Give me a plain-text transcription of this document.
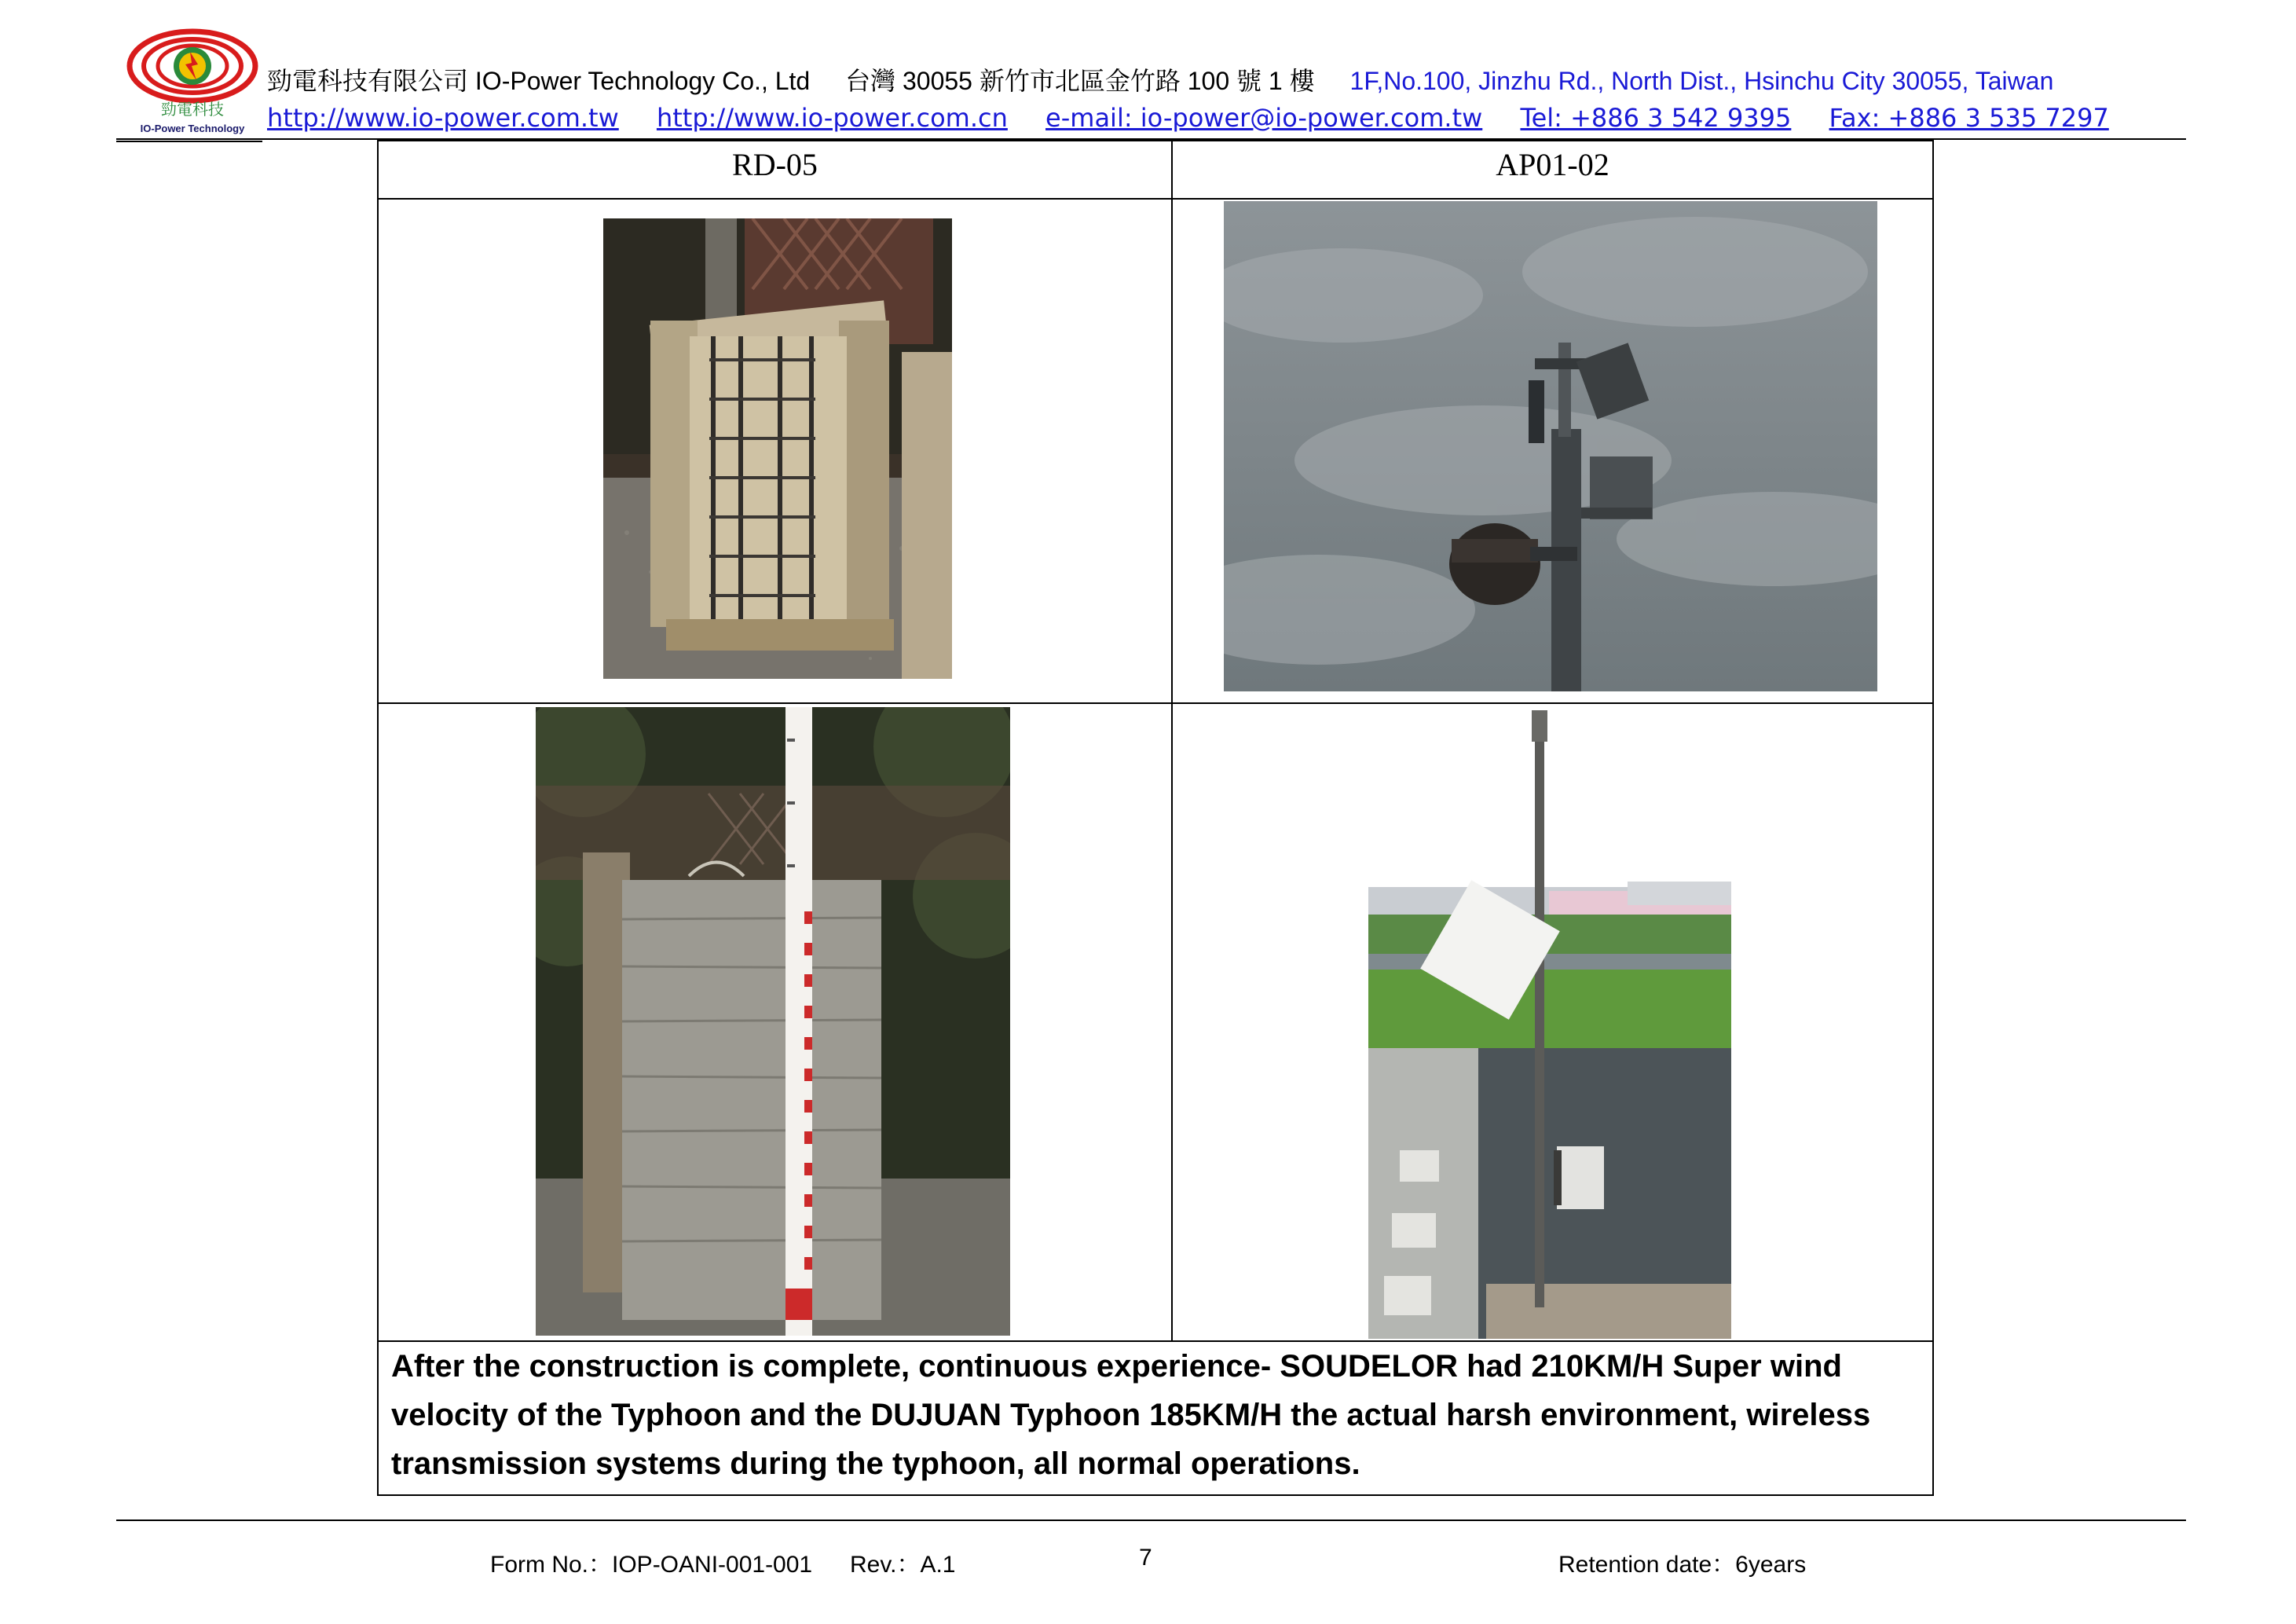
勁電科技
IO-Power Technology
勁電科技有限公司 IO-Power Technology Co., Ltd 台灣 30055 新竹市北區金竹路 100 號 1 樓 1F,No.100, Jinzhu Rd., North Dist., Hsinchu City 30055, Taiwan
http://www.io-power.com.tw http://www.io-power.com.cn e-mail: io-power@io-power.com.tw Tel: +886 3 542 9395 Fax: +886 3 535 7297
RD-05	AP01-02
After the construction is complete, continuous experience- SOUDELOR had 210KM/H Super wind velocity of the Typhoon and the DUJUAN Typhoon 185KM/H the actual harsh environment, wireless transmission systems during the typhoon, all normal operations.
Form No.：IOP-OANI-001-001 Rev.：A.1	7	Retention date：6years
